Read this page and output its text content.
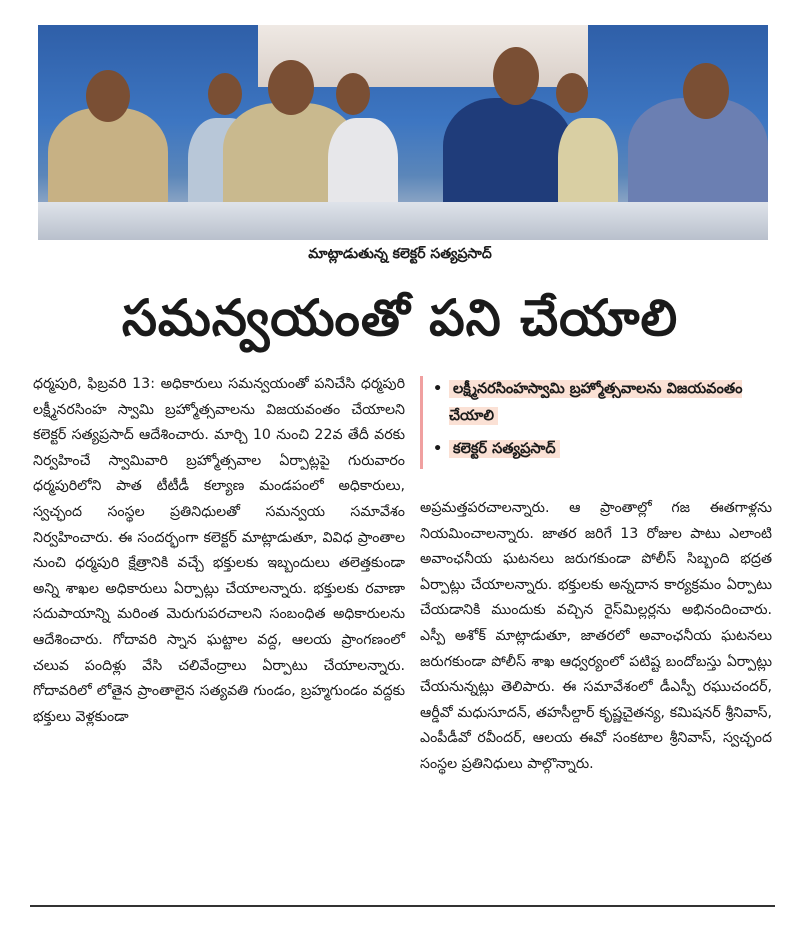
మాట్లాడుతున్న కలెక్టర్ సత్యప్రసాద్
సమన్వయంతో పని చేయాలి

ధర్మపురి, ఫిబ్రవరి 13: అధికారులు సమన్వయంతో పనిచేసి ధర్మపురి లక్ష్మీనరసింహ స్వామి బ్రహ్మోత్సవాలను విజయవంతం చేయాలని కలెక్టర్ సత్యప్రసాద్ ఆదేశించారు. మార్చి 10 నుంచి 22వ తేదీ వరకు నిర్వహించే స్వామివారి బ్రహ్మోత్సవాల ఏర్పాట్లపై గురువారం ధర్మపురిలోని పాత టీటీడీ కల్యాణ మండపంలో అధికారులు, స్వచ్ఛంద సంస్థల ప్రతినిధులతో సమన్వయ సమావేశం నిర్వహించారు. ఈ సందర్భంగా కలెక్టర్ మాట్లాడుతూ, వివిధ ప్రాంతాల నుంచి ధర్మపురి క్షేత్రానికి వచ్చే భక్తులకు ఇబ్బందులు తలెత్తకుండా అన్ని శాఖల అధికారులు ఏర్పాట్లు చేయాలన్నారు. భక్తులకు రవాణా సదుపాయాన్ని మరింత మెరుగుపరచాలని సంబంధిత అధికారులను ఆదేశించారు. గోదావరి స్నాన ఘట్టాల వద్ద, ఆలయ ప్రాంగణంలో చలువ పందిళ్లు వేసి చలివేంద్రాలు ఏర్పాటు చేయాలన్నారు. గోదావరిలో లోతైన ప్రాంతాలైన సత్యవతి గుండం, బ్రహ్మగుండం వద్దకు భక్తులు వెళ్లకుండా

• లక్ష్మీనరసింహస్వామి బ్రహ్మోత్సవాలను విజయవంతం చేయాలి
• కలెక్టర్ సత్యప్రసాద్

అప్రమత్తపరచాలన్నారు. ఆ ప్రాంతాల్లో గజ ఈతగాళ్లను నియమించాలన్నారు. జాతర జరిగే 13 రోజుల పాటు ఎలాంటి అవాంఛనీయ ఘటనలు జరుగకుండా పోలీస్ సిబ్బంది భద్రత ఏర్పాట్లు చేయాలన్నారు. భక్తులకు అన్నదాన కార్యక్రమం ఏర్పాటు చేయడానికి ముందుకు వచ్చిన రైస్‌మిల్లర్లను అభినందించారు. ఎస్పీ అశోక్ మాట్లాడుతూ, జాతరలో అవాంఛనీయ ఘటనలు జరుగకుండా పోలీస్ శాఖ ఆధ్వర్యంలో పటిష్ట బందోబస్తు ఏర్పాట్లు చేయనున్నట్లు తెలిపారు. ఈ సమావేశంలో డీఎస్పీ రఘుచందర్, ఆర్డీవో మధుసూదన్, తహసీల్దార్ కృష్ణచైతన్య, కమిషనర్ శ్రీనివాస్, ఎంపీడీవో రవీందర్, ఆలయ ఈవో సంకటాల శ్రీనివాస్, స్వచ్ఛంద సంస్థల ప్రతినిధులు పాల్గొన్నారు.
